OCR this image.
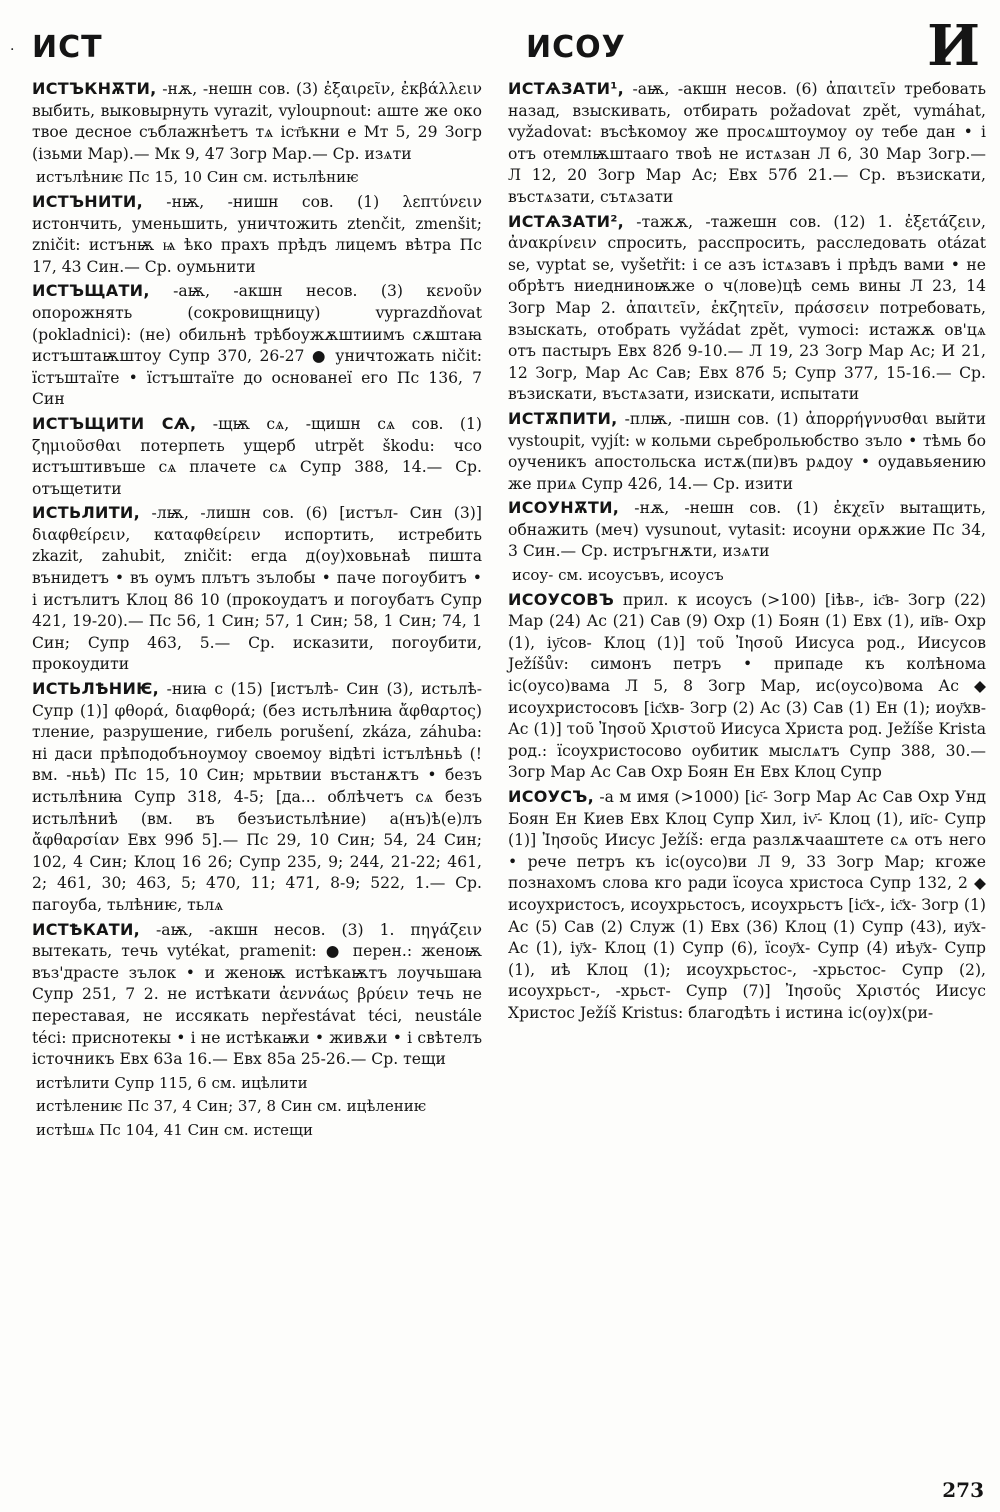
· ИСТ	ИСОУ	И

ИСТЪКНѪТИ, -нѫ, -нешн сов. (3) ἐξαιρεῖν, ἐκβάλλειν выбить, выковырнуть vyrazit, vyloupnout: аште же око твое десное съблажнѣетъ тѧ іст҃ькни е Мт 5, 29 Зогр (ізьми Мар).— Мк 9, 47 Зогр Мар.— Ср. изѧти

истълѣниѥ Пс 15, 10 Син см. истьлѣниѥ

ИСТЪНИТИ, -нѭ, -нишн сов. (1) λεπτύνειν истончить, уменьшить, уничтожить ztenčit, zmenšit; zničit: истънѭ ѩ ѣко прахъ прѣдъ лицемъ вѣтра Пс 17, 43 Син.— Ср. оумьнити

ИСТЪЩАТИ, -аѭ, -акшн несов. (3) κενοῦν опорожнять (сокровищницу) vyprazdňovat (pokladnici): (не) обильнѣ трѣбоужѫштиимъ сѫштаꙗ истъштаѭштоу Супр 370, 26-27 ● уничтожать ničit: їстъштаїте • їстъштаїте до основанеї его Пс 136, 7 Син

ИСТЪЩИТИ СѦ, -щѭ сѧ, -щишн сѧ сов. (1) ζημιοῦσθαι потерпеть ущерб utrpět škodu: чсо истъштивъше сѧ плачете сѧ Супр 388, 14.— Ср. отъщетити

ИСТЬЛИТИ, -лѭ, -лишн сов. (6) [истъл- Син (3)] διαφθείρειν, καταφθείρειν испортить, истребить zkazit, zahubit, zničit: егда д(оу)ховьнаѣ пишта вънидетъ • въ оумъ плътъ зълобы • паче погоубитъ • і истълитъ Клоц 86 10 (прокоудатъ и погоубатъ Супр 421, 19-20).— Пс 56, 1 Син; 57, 1 Син; 58, 1 Син; 74, 1 Син; Супр 463, 5.— Ср. исказити, погоубити, прокоудити

ИСТЬЛѢНИѤ, -ниꙗ с (15) [истълѣ- Син (3), истьлѣ- Супр (1)] φθορά, διαφθορά; (без истьлѣниꙗ ἄφθαρτος) тление, разрушение, гибель porušení, zkáza, záhuba: ні даси прѣподобъноумоу своемоу відѣті істълѣньѣ (! вм. -ньѣ) Пс 15, 10 Син; мрьтвии въстанѫтъ • безъ истьлѣниꙗ Супр 318, 4-5; [да... облѣчетъ сѧ безъ истьлѣниѣ (вм. въ безъистьлѣние) а(нъ)ѣ(е)лъ ἄφθαρσίαν Евх 99б 5].— Пс 29, 10 Син; 54, 24 Син; 102, 4 Син; Клоц 16 26; Супр 235, 9; 244, 21-22; 461, 2; 461, 30; 463, 5; 470, 11; 471, 8-9; 522, 1.— Ср. пагоуба, тьлѣниѥ, тьлѧ

ИСТѢКАТИ, -аѭ, -акшн несов. (3) 1. πηγάζειν вытекать, течь vytékat, pramenit: ● перен.: женоѭ въз'драсте зълок • и женоѭ истѣкаѭтъ лоучьшаꙗ Супр 251, 7 2. не истѣкати ἀεννάως βρύειν течь не переставая, не иссякать nepřestávat téci, neustále téci: приснотекы • і не истѣкаѭи • живѫи • і свѣтелъ істочникъ Евх 63а 16.— Евх 85а 25-26.— Ср. тещи

истѣлити Супр 115, 6 см. ицѣлити

истѣлениѥ Пс 37, 4 Син; 37, 8 Син см. ицѣлениѥ

истѣшѧ Пс 104, 41 Син см. истещи

ИСТѦЗАТИ¹, -аѭ, -акшн несов. (6) ἀπαιτεῖν требовать назад, взыскивать, отбирать požadovat zpět, vymáhat, vyžadovat: въсѣкомоу же просѧштоумоу оу тебе дан • і отъ отемлѭштааго твоѣ не истѧзан Л 6, 30 Мар Зогр.— Л 12, 20 Зогр Мар Ас; Евх 57б 21.— Ср. възискати, въстѧзати, сътѧзати

ИСТѦЗАТИ², -тажѫ, -тажешн сов. (12) 1. ἐξετάζειν, ἀνακρίνειν спросить, расспросить, расследовать otázat se, vyptat se, vyšetřit: і се азъ істѧзавъ і прѣдъ вами • не обрѣтъ ниедниноѭже о ч(лове)цѣ семь вины Л 23, 14 Зогр Мар 2. ἀπαιτεῖν, ἐκζητεῖν, πράσσειν потребовать, взыскать, отобрать vyžádat zpět, vymoci: истажѫ ов'цѧ отъ пастыръ Евх 82б 9-10.— Л 19, 23 Зогр Мар Ас; И 21, 12 Зогр, Мар Ас Сав; Евх 87б 5; Супр 377, 15-16.— Ср. възискати, въстѧзати, изискати, испытати

ИСТѪПИТИ, -плѭ, -пишн сов. (1) ἀπορρήγνυσθαι выйти vystoupit, vyjít: ѡ кольми сьреброльюбство зъло • тѣмь бо оученикъ апостольска истѫ(пи)въ рѧдоу • оудавьяению же приѧ Супр 426, 14.— Ср. изити

ИСОУНѪТИ, -нѫ, -нешн сов. (1) ἐκχεῖν вытащить, обнажить (меч) vysunout, vytasit: исоуни орѫжие Пс 34, 3 Син.— Ср. истръгнѫти, изѧти

исоу- см. исоусъвъ, исоусъ

ИСОУСОВЪ прил. к исоусъ (>100) [іѣв-, іс҃в- Зогр (22) Мар (24) Ас (21) Сав (9) Охр (1) Боян (1) Евх (1), иі҃в- Охр (1), іу҃сов- Клоц (1)] τοῦ Ἰησοῦ Иисуса род., Иисусов Ježíšův: симонъ петръ • припаде къ колѣнома іс(оусо)вама Л 5, 8 Зогр Мар, ис(оусо)вома Ас ◆ исоухристосовъ [іс҃хв- Зогр (2) Ас (3) Сав (1) Ен (1); иоу҃хв- Ас (1)] τοῦ Ἰησοῦ Χριστοῦ Иисуса Христа род. Ježíše Krista род.: їсоухристосово оубитик мыслѧтъ Супр 388, 30.— Зогр Мар Ас Сав Охр Боян Ен Евх Клоц Супр

ИСОУСЪ, -а м имя (>1000) [іс҃- Зогр Мар Ас Сав Охр Унд Боян Ен Киев Евх Клоц Супр Хил, іѵ҃- Клоц (1), иі҃с- Супр (1)] Ἰησοῦς Иисус Ježíš: егда разлѫчааштете сѧ отъ него • рече петръ къ іс(оусо)ви Л 9, 33 Зогр Мар; кгоже познахомъ слова кго ради їсоуса христоса Супр 132, 2 ◆ исоухристосъ, исоухрьстосъ, исоухрьстъ [іс҃х-, іс҃х- Зогр (1) Ас (5) Сав (2) Служ (1) Евх (36) Клоц (1) Супр (43), иу҃х- Ас (1), іу҃х- Клоц (1) Супр (6), їсоу҃х- Супр (4) иѣу҃х- Супр (1), иѣ Клоц (1); исоухрьстос-, -хрьстос- Супр (2), исоухрьст-, -хрьст- Супр (7)] Ἰησοῦς Χριστός Иисус Христос Ježíš Kristus: благодѣть і истина іс(оу)х(ри-

273
